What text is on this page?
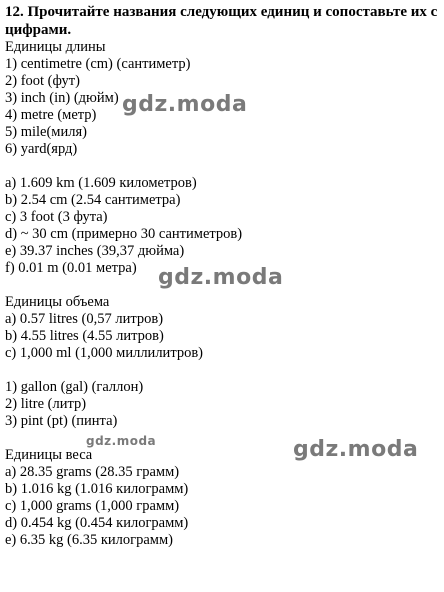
12. Прочитайте названия следующих единиц и сопоставьте их с цифрами.

Единицы длины

1) centimetre (cm) (сантиметр)

2) foot (фут)

3) inch (in) (дюйм)

4) metre (метр)

5) mile(миля)

6) yard(ярд)

a) 1.609 km (1.609 километров)

b) 2.54 cm (2.54 сантиметра)

c) 3 foot (3 фута)

d) ~ 30 cm (примерно 30 сантиметров)

e) 39.37 inches (39,37 дюйма)

f) 0.01 m (0.01 метра)

Единицы объема

a) 0.57 litres (0,57 литров)

b) 4.55 litres (4.55 литров)

c) 1,000 ml (1,000 миллилитров)

1) gallon (gal) (галлон)

2) litre (литр)

3) pint (pt) (пинта)

Единицы веса

a) 28.35 grams (28.35 грамм)

b) 1.016 kg (1.016 килограмм)

c) 1,000 grams (1,000 грамм)

d) 0.454 kg (0.454 килограмм)

e) 6.35 kg (6.35 килограмм)

gdz.moda
gdz.moda
gdz.moda
gdz.moda
